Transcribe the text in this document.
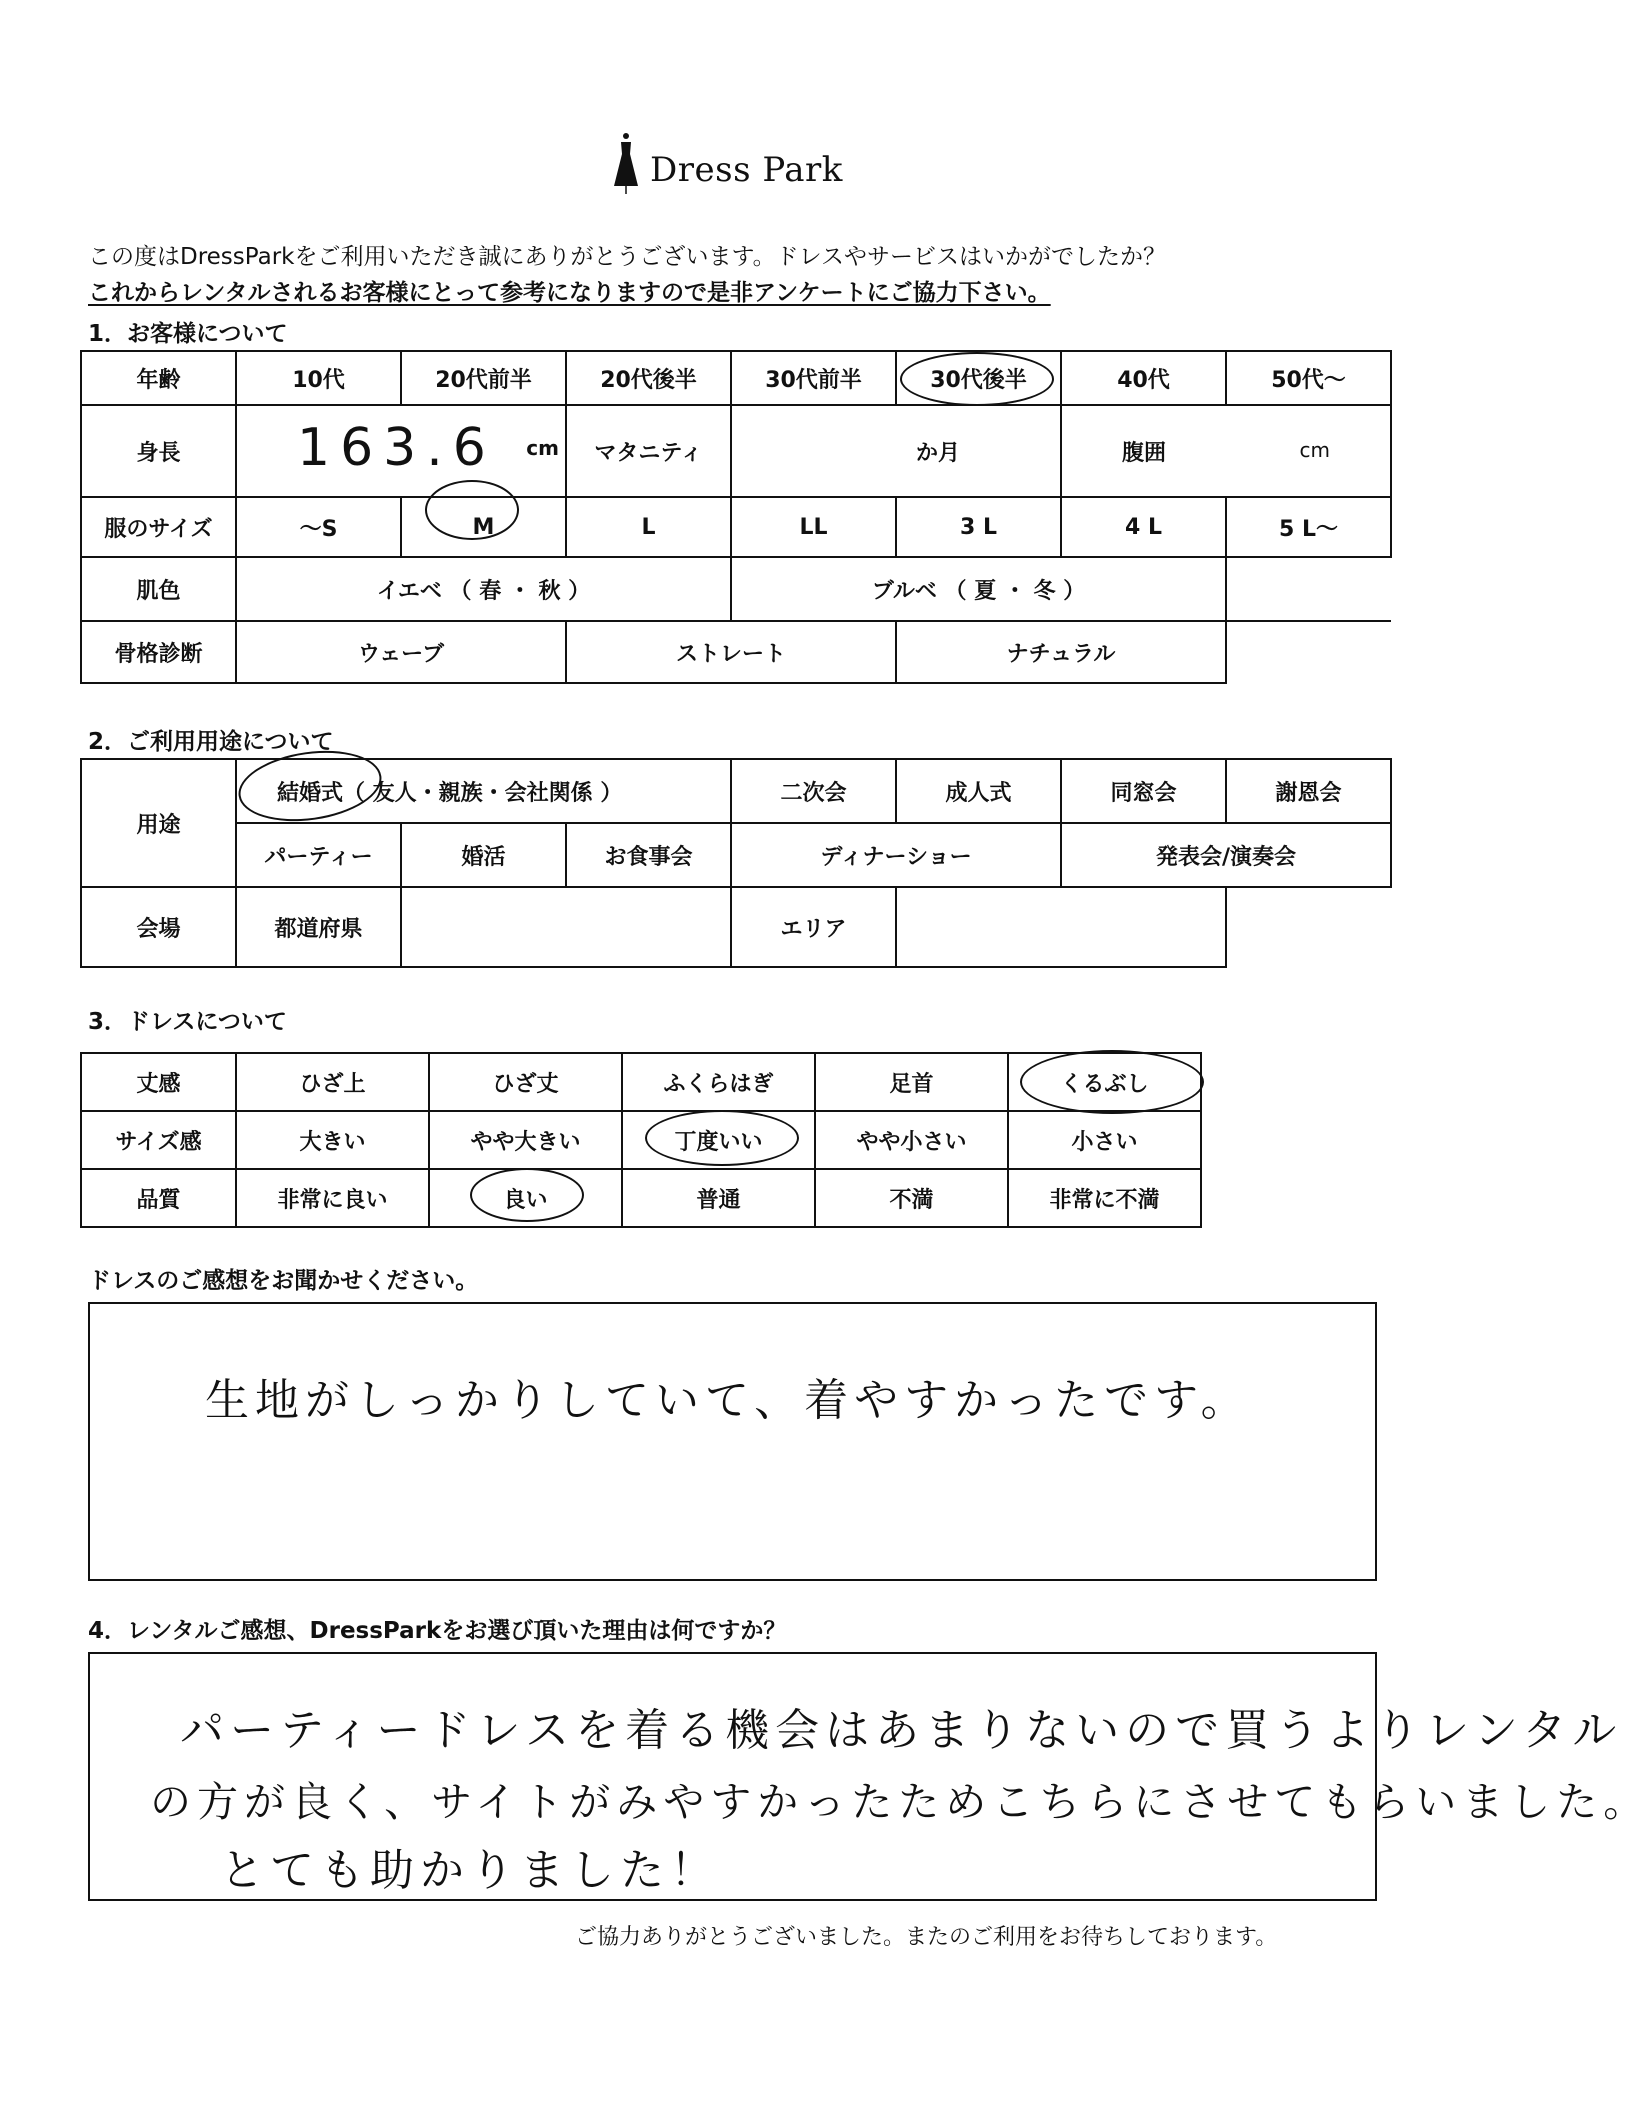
Dress Park
この度はDressParkをご利用いただき誠にありがとうございます。ドレスやサービスはいかがでしたか？
これからレンタルされるお客様にとって参考になりますので是非アンケートにご協力下さい。
1．お客様について
年齢	10代	20代前半	20代後半	30代前半	30代後半	40代	50代〜
身長	163.6 cm		マタニティ	か月		腹囲 cm	

服のサイズ	〜S	M	L	LL	3 L	4 L	5 L〜
肌色	イエベ （ 春 ・ 秋 ）			ブルベ （ 夏 ・ 冬 ）			
骨格診断	ウェーブ		ストレート		ナチュラル		
2．ご利用用途について
用途	結婚式（ 友人・親族・会社関係 ）			二次会	成人式	同窓会	謝恩会
	パーティー	婚活	お食事会	ディナーショー		発表会/演奏会	
会場	都道府県			エリア			
3．ドレスについて
丈感	ひざ上	ひざ丈	ふくらはぎ	足首	くるぶし
サイズ感	大きい	やや大きい	丁度いい	やや小さい	小さい
品質	非常に良い	良い	普通	不満	非常に不満
ドレスのご感想をお聞かせください。
生地がしっかりしていて、着やすかったです。
4．レンタルご感想、DressParkをお選び頂いた理由は何ですか？
パーティードレスを着る機会はあまりないので買うよりレンタル
の方が良く、サイトがみやすかったためこちらにさせてもらいました。
とても助かりました！
ご協力ありがとうございました。またのご利用をお待ちしております。
